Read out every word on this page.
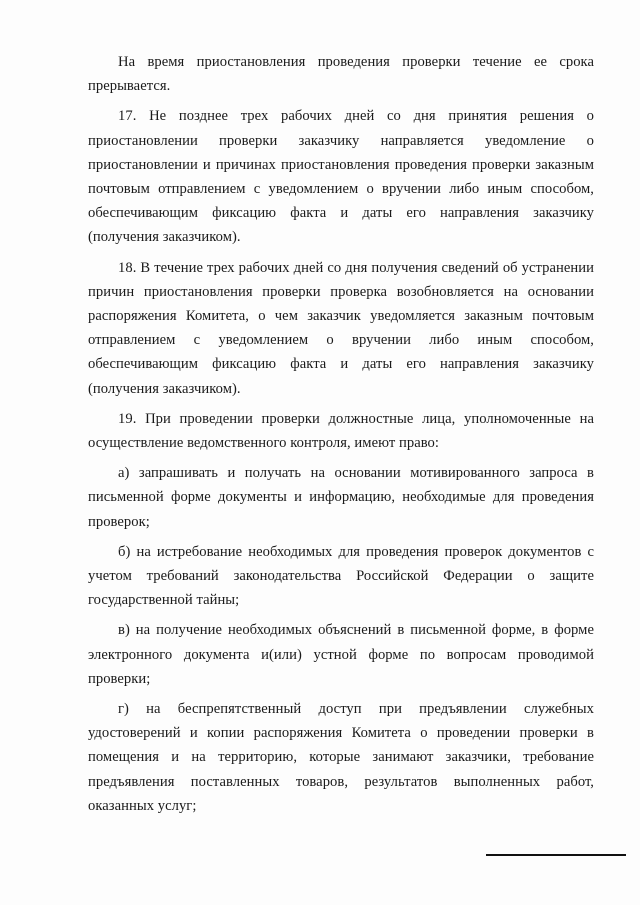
На время приостановления проведения проверки течение ее срока прерывается.

17. Не позднее трех рабочих дней со дня принятия решения о приостановлении проверки заказчику направляется уведомление о приостановлении и причинах приостановления проведения проверки заказным почтовым отправлением с уведомлением о вручении либо иным способом, обеспечивающим фиксацию факта и даты его направления заказчику (получения заказчиком).

18. В течение трех рабочих дней со дня получения сведений об устранении причин приостановления проверки проверка возобновляется на основании распоряжения Комитета, о чем заказчик уведомляется заказным почтовым отправлением с уведомлением о вручении либо иным способом, обеспечивающим фиксацию факта и даты его направления заказчику (получения заказчиком).

19. При проведении проверки должностные лица, уполномоченные на осуществление ведомственного контроля, имеют право:

а) запрашивать и получать на основании мотивированного запроса в письменной форме документы и информацию, необходимые для проведения проверок;

б) на истребование необходимых для проведения проверок документов с учетом требований законодательства Российской Федерации о защите государственной тайны;

в) на получение необходимых объяснений в письменной форме, в форме электронного документа и(или) устной форме по вопросам проводимой проверки;

г) на беспрепятственный доступ при предъявлении служебных удостоверений и копии распоряжения Комитета о проведении проверки в помещения и на территорию, которые занимают заказчики, требование предъявления поставленных товаров, результатов выполненных работ, оказанных услуг;
